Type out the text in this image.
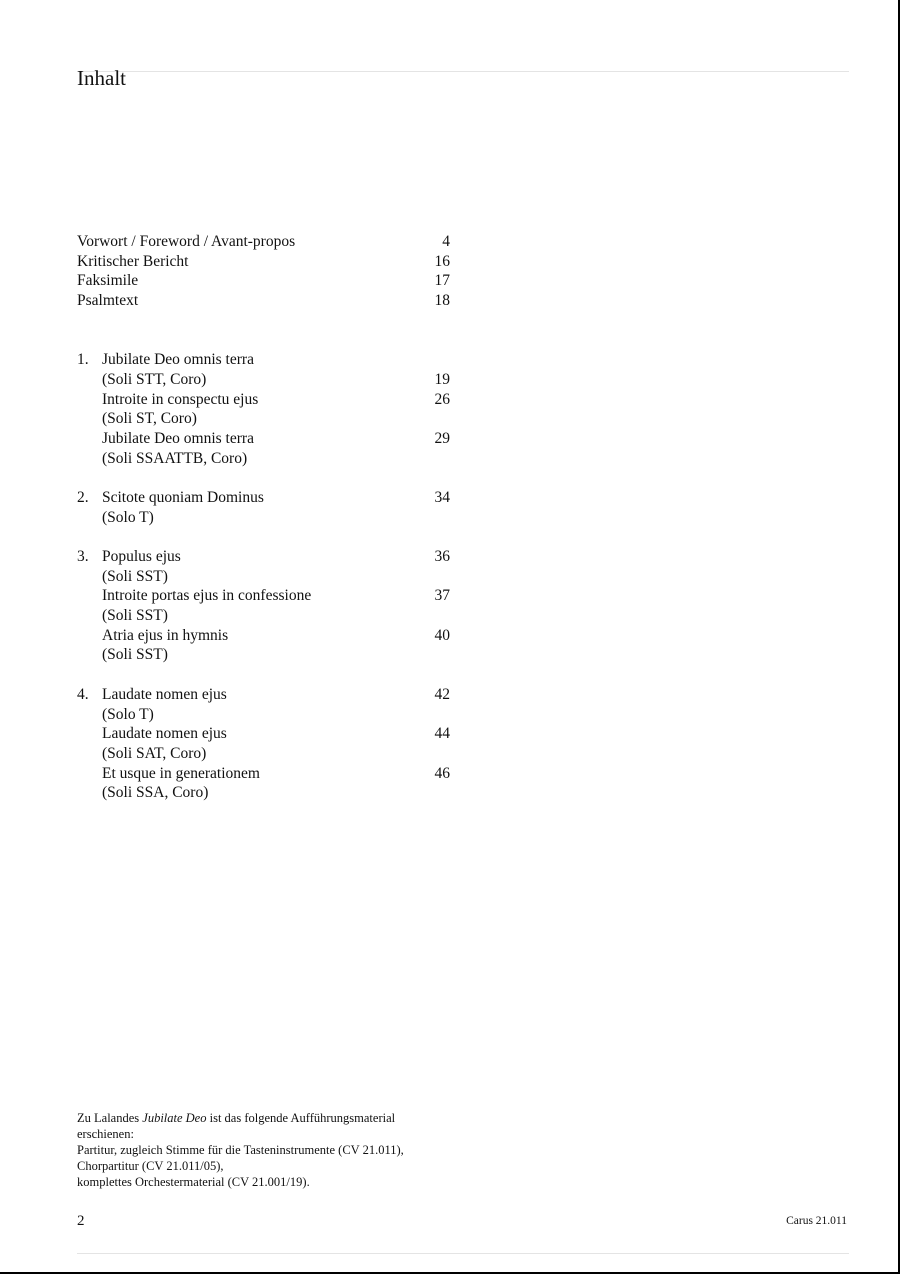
Inhalt
Vorwort / Foreword / Avant-propos	4
Kritischer Bericht	16
Faksimile	17
Psalmtext	18
1. Jubilate Deo omnis terra
(Soli STT, Coro)	19
Introite in conspectu ejus	26
(Soli ST, Coro)
Jubilate Deo omnis terra	29
(Soli SSAATTB, Coro)
2. Scitote quoniam Dominus	34
(Solo T)
3. Populus ejus	36
(Soli SST)
Introite portas ejus in confessione	37
(Soli SST)
Atria ejus in hymnis	40
(Soli SST)
4. Laudate nomen ejus	42
(Solo T)
Laudate nomen ejus	44
(Soli SAT, Coro)
Et usque in generationem	46
(Soli SSA, Coro)

Zu Lalandes Jubilate Deo ist das folgende Aufführungsmaterial

erschienen:

Partitur, zugleich Stimme für die Tasteninstrumente (CV 21.011),

Chorpartitur (CV 21.011/05),

komplettes Orchestermaterial (CV 21.001/19).

2	Carus 21.011
